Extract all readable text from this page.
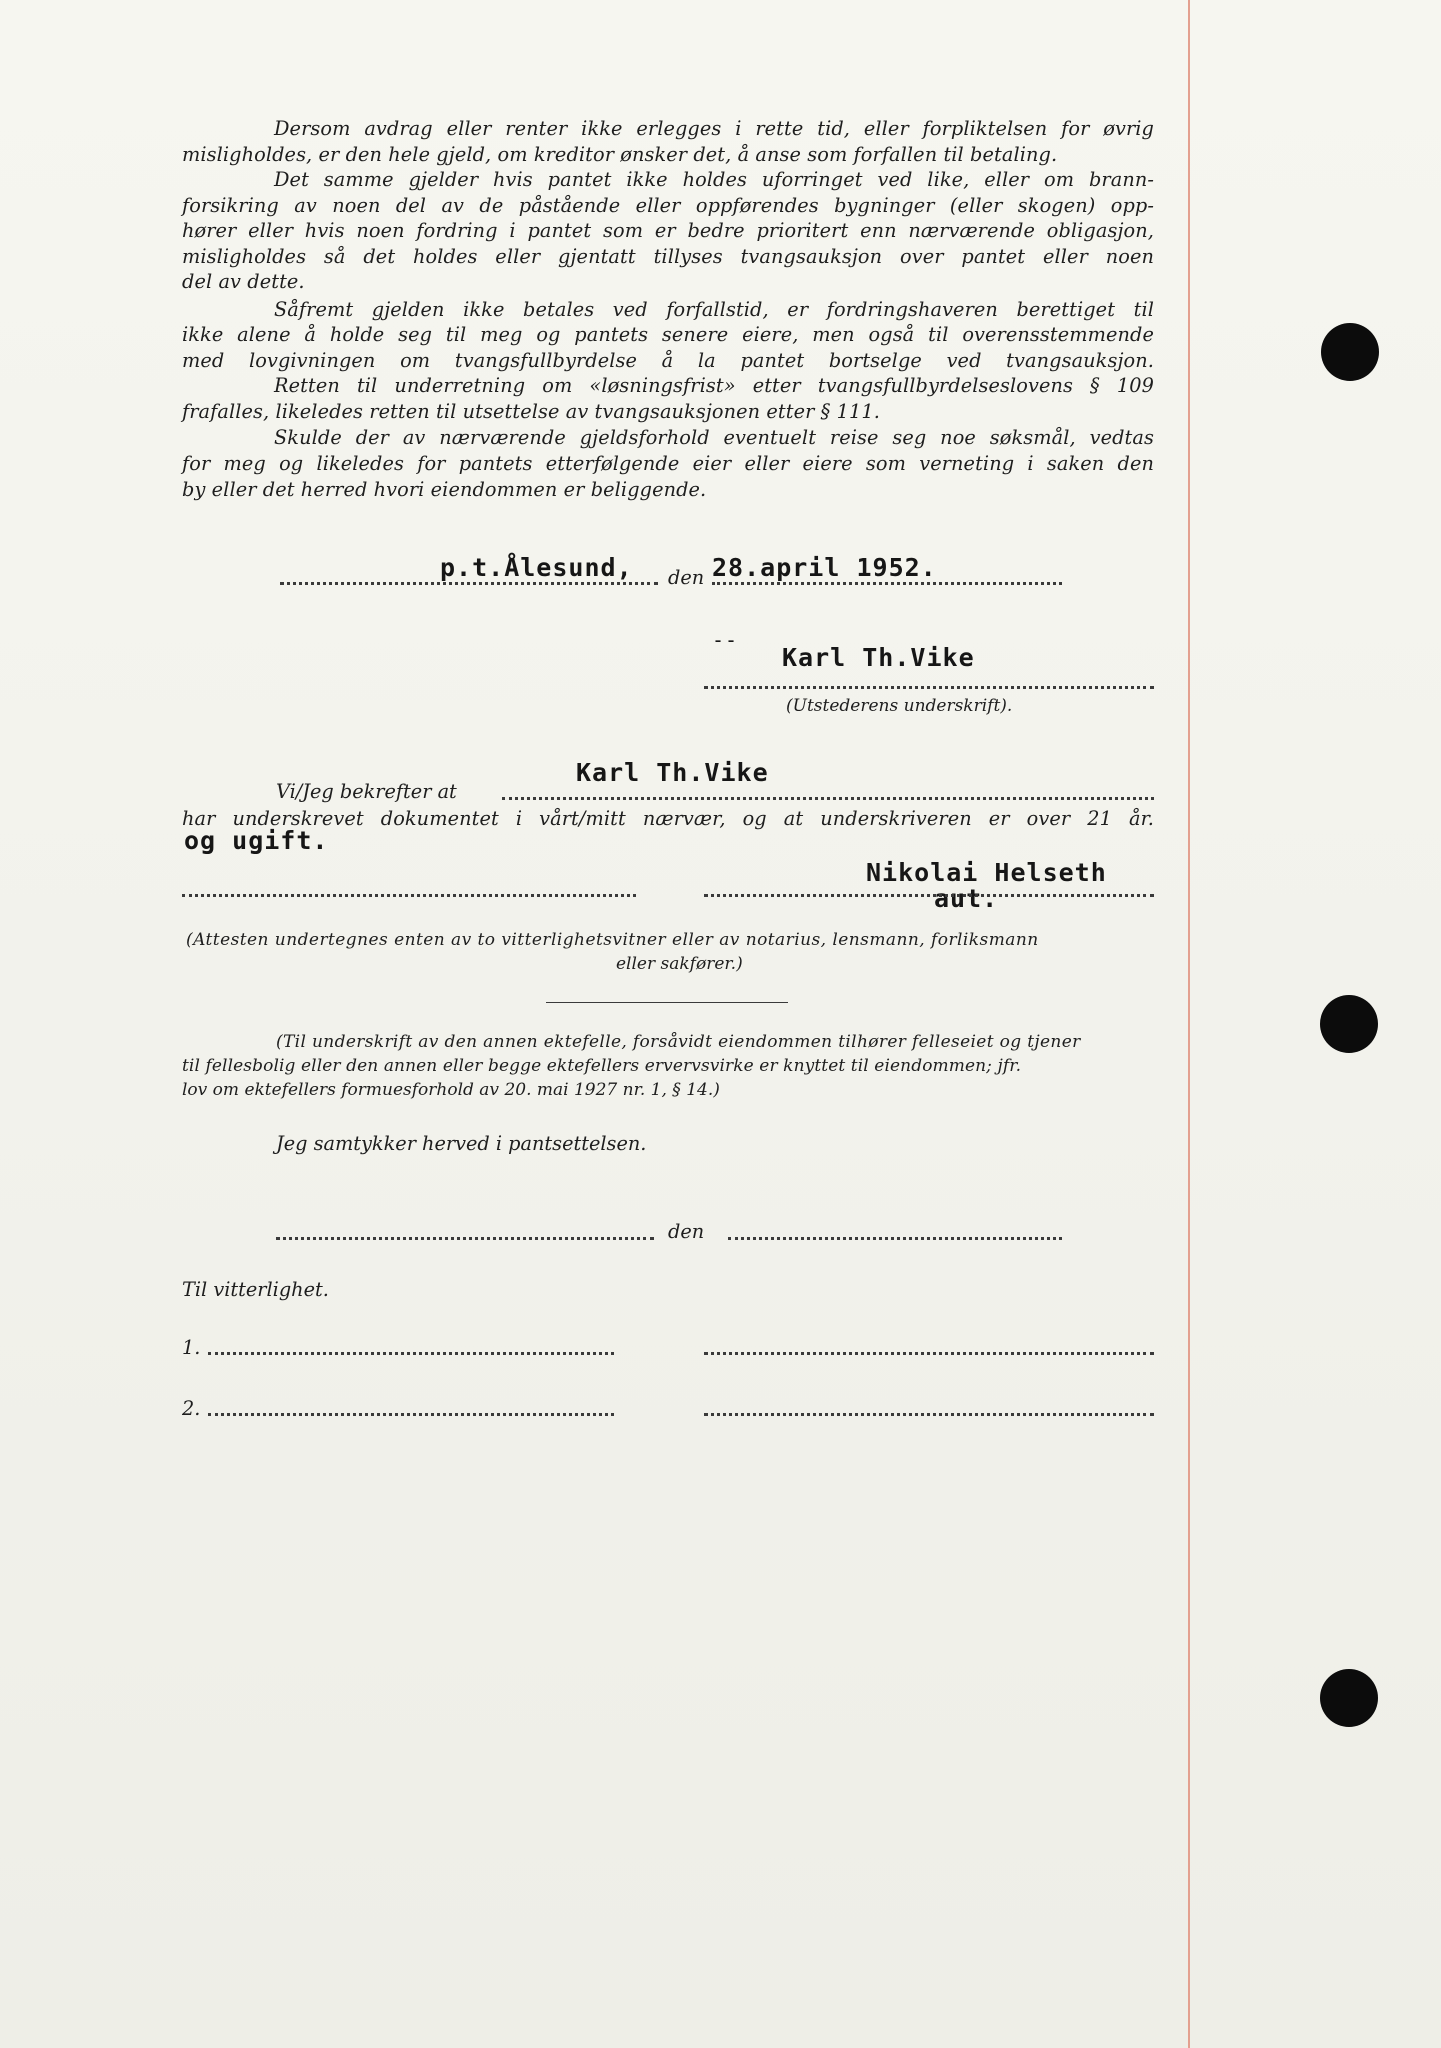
Dersom avdrag eller renter ikke erlegges i rette tid, eller forpliktelsen for øvrig
misligholdes, er den hele gjeld, om kreditor ønsker det, å anse som forfallen til betaling.
Det samme gjelder hvis pantet ikke holdes uforringet ved like, eller om brann-
forsikring av noen del av de påstående eller oppførendes bygninger (eller skogen) opp-
hører eller hvis noen fordring i pantet som er bedre prioritert enn nærværende obligasjon,
misligholdes så det holdes eller gjentatt tillyses tvangsauksjon over pantet eller noen
del av dette.
Såfremt gjelden ikke betales ved forfallstid, er fordringshaveren berettiget til
ikke alene å holde seg til meg og pantets senere eiere, men også til overensstemmende
med lovgivningen om tvangsfullbyrdelse å la pantet bortselge ved tvangsauksjon.
Retten til underretning om «løsningsfrist» etter tvangsfullbyrdelseslovens § 109
frafalles, likeledes retten til utsettelse av tvangsauksjonen etter § 111.
Skulde der av nærværende gjeldsforhold eventuelt reise seg noe søksmål, vedtas
for meg og likeledes for pantets etterfølgende eier eller eiere som verneting i saken den
by eller det herred hvori eiendommen er beliggende.
p.t.Ålesund, den 28.april 1952.
--
Karl Th.Vike
(Utstederens underskrift).
Karl Th.Vike
Vi/Jeg bekrefter at
har underskrevet dokumentet i vårt/mitt nærvær, og at underskriveren er over 21 år.
og ugift.
Nikolai Helseth
aut.
(Attesten undertegnes enten av to vitterlighetsvitner eller av notarius, lensmann, forliksmann
eller sakfører.)
(Til underskrift av den annen ektefelle, forsåvidt eiendommen tilhører felleseiet og tjener
til fellesbolig eller den annen eller begge ektefellers ervervsvirke er knyttet til eiendommen; jfr.
lov om ektefellers formuesforhold av 20. mai 1927 nr. 1, § 14.)
Jeg samtykker herved i pantsettelsen.
den
Til vitterlighet.
1.
2.
